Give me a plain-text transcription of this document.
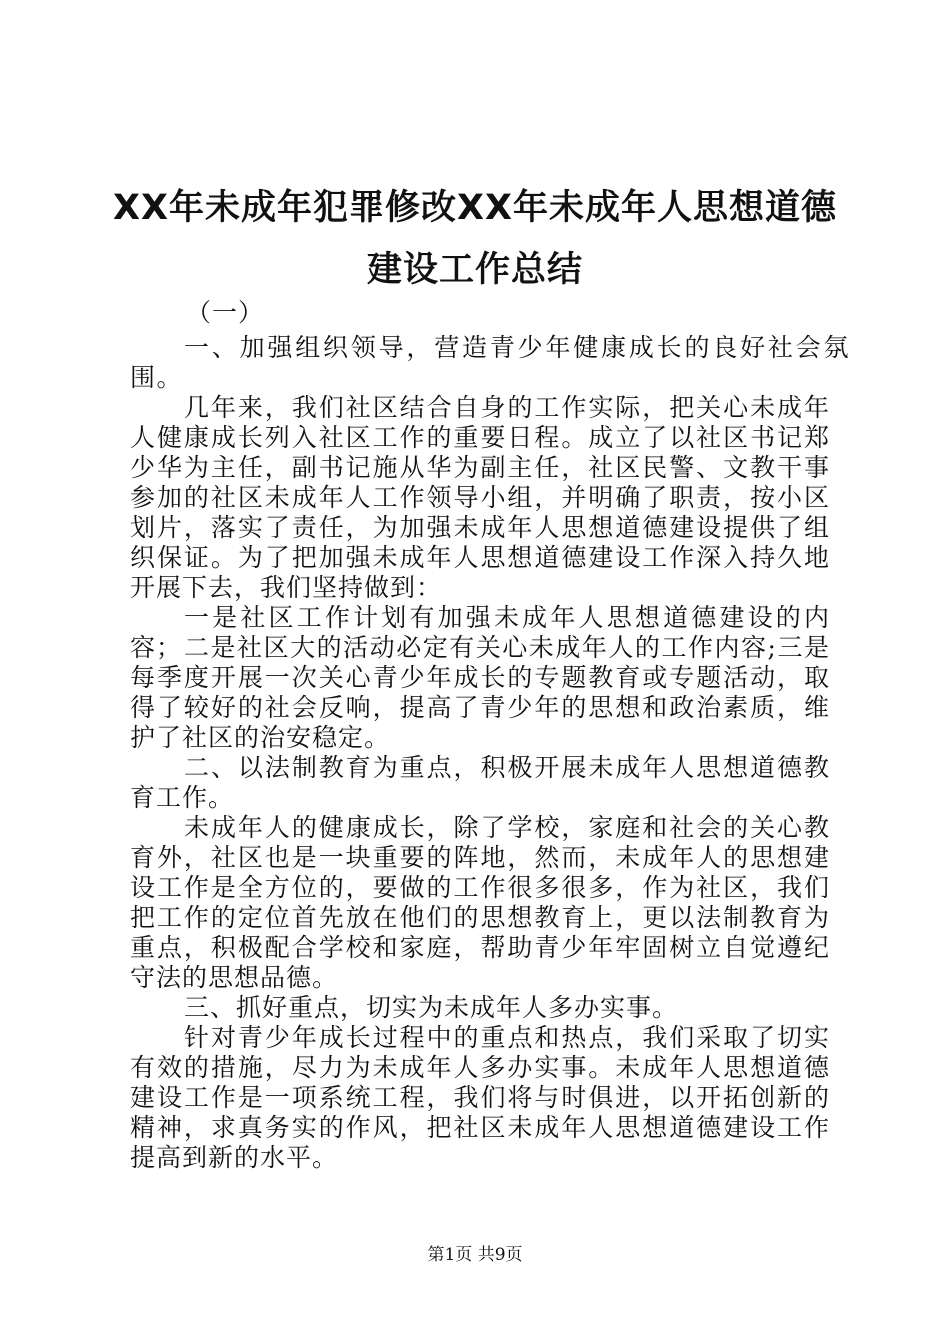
XX年未成年犯罪修改XX年未成年人思想道德
建设工作总结

（一）

一、加强组织领导，营造青少年健康成长的良好社会氛围。

几年来，我们社区结合自身的工作实际，把关心未成年人健康成长列入社区工作的重要日程。成立了以社区书记郑少华为主任，副书记施从华为副主任，社区民警、文教干事参加的社区未成年人工作领导小组，并明确了职责，按小区划片，落实了责任，为加强未成年人思想道德建设提供了组织保证。为了把加强未成年人思想道德建设工作深入持久地开展下去，我们坚持做到：

一是社区工作计划有加强未成年人思想道德建设的内容； 二是社区大的活动必定有关心未成年人的工作内容;三是每季度开展一次关心青少年成长的专题教育或专题活动，取得了较好的社会反响，提高了青少年的思想和政治素质，维护了社区的治安稳定。

二、以法制教育为重点，积极开展未成年人思想道德教育工作。

未成年人的健康成长，除了学校，家庭和社会的关心教育外，社区也是一块重要的阵地，然而，未成年人的思想建设工作是全方位的，要做的工作很多很多，作为社区，我们把工作的定位首先放在他们的思想教育上，更以法制教育为重点，积极配合学校和家庭，帮助青少年牢固树立自觉遵纪守法的思想品德。

三、抓好重点，切实为未成年人多办实事。

针对青少年成长过程中的重点和热点，我们采取了切实有效的措施，尽力为未成年人多办实事。未成年人思想道德建设工作是一项系统工程，我们将与时俱进，以开拓创新的精神，求真务实的作风，把社区未成年人思想道德建设工作提高到新的水平。

第1页 共9页
